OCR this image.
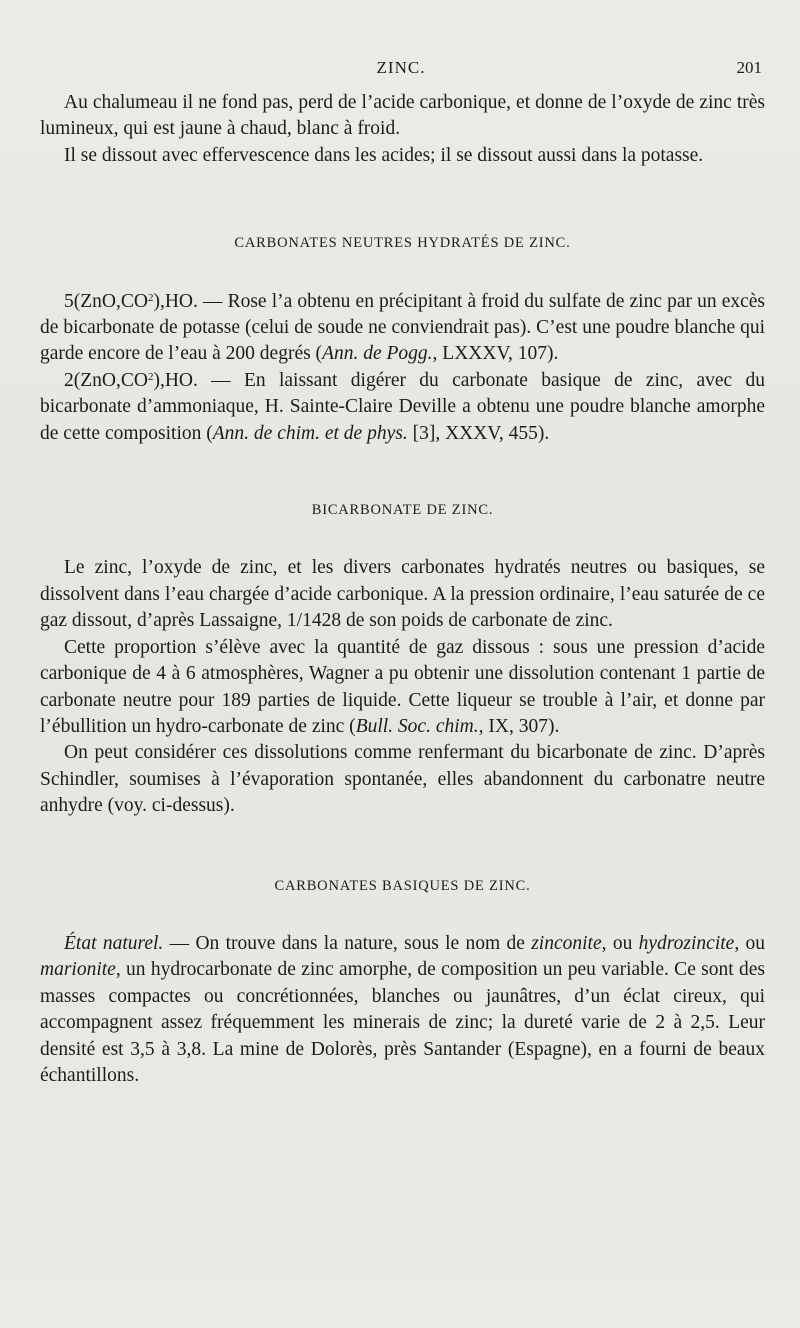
ZINC.	201

Au chalumeau il ne fond pas, perd de l’acide carbonique, et donne de l’oxyde de zinc très lumineux, qui est jaune à chaud, blanc à froid.

Il se dissout avec effervescence dans les acides; il se dissout aussi dans la potasse.

CARBONATES NEUTRES HYDRATÉS DE ZINC.

$5(ZnO,CO^2),HO$. — Rose l’a obtenu en précipitant à froid du sulfate de zinc par un excès de bicarbonate de potasse (celui de soude ne conviendrait pas). C’est une poudre blanche qui garde encore de l’eau à 200 degrés (Ann. de Pogg., LXXXV, 107).

$2(ZnO,CO^2),HO$. — En laissant digérer du carbonate basique de zinc, avec du bicarbonate d’ammoniaque, H. Sainte-Claire Deville a obtenu une poudre blanche amorphe de cette composition (Ann. de chim. et de phys. [3], XXXV, 455).

BICARBONATE DE ZINC.

Le zinc, l’oxyde de zinc, et les divers carbonates hydratés neutres ou basiques, se dissolvent dans l’eau chargée d’acide carbonique. A la pression ordinaire, l’eau saturée de ce gaz dissout, d’après Lassaigne, 1/1428 de son poids de carbonate de zinc.

Cette proportion s’élève avec la quantité de gaz dissous : sous une pression d’acide carbonique de 4 à 6 atmosphères, Wagner a pu obtenir une dissolution contenant 1 partie de carbonate neutre pour 189 parties de liquide. Cette liqueur se trouble à l’air, et donne par l’ébullition un hydro-carbonate de zinc (Bull. Soc. chim., IX, 307).

On peut considérer ces dissolutions comme renfermant du bicarbonate de zinc. D’après Schindler, soumises à l’évaporation spontanée, elles abandonnent du carbonatre neutre anhydre (voy. ci-dessus).

CARBONATES BASIQUES DE ZINC.

État naturel. — On trouve dans la nature, sous le nom de zinconite, ou hydrozincite, ou marionite, un hydrocarbonate de zinc amorphe, de composition un peu variable. Ce sont des masses compactes ou concrétionnées, blanches ou jaunâtres, d’un éclat cireux, qui accompagnent assez fréquemment les minerais de zinc; la dureté varie de 2 à 2,5. Leur densité est 3,5 à 3,8. La mine de Dolorès, près Santander (Espagne), en a fourni de beaux échantillons.
